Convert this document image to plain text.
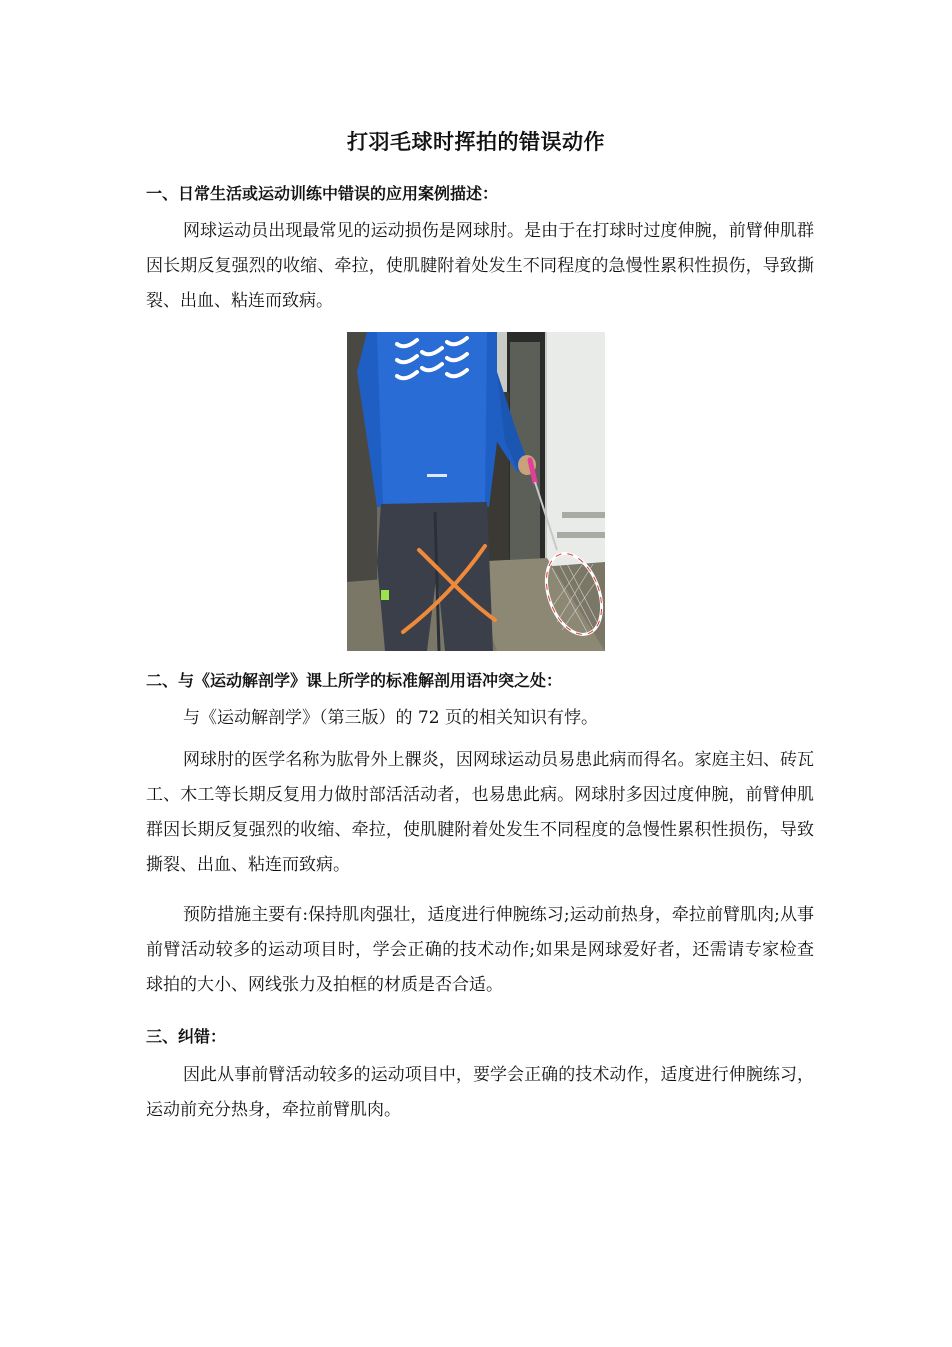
打羽毛球时挥拍的错误动作
一、日常生活或运动训练中错误的应用案例描述：

网球运动员出现最常见的运动损伤是网球肘。是由于在打球时过度伸腕，前臂伸肌群因长期反复强烈的收缩、牵拉，使肌腱附着处发生不同程度的急慢性累积性损伤，导致撕裂、出血、粘连而致病。

二、与《运动解剖学》课上所学的标准解剖用语冲突之处：

与《运动解剖学》（第三版）的 72 页的相关知识有悖。

网球肘的医学名称为肱骨外上髁炎，因网球运动员易患此病而得名。家庭主妇、砖瓦工、木工等长期反复用力做肘部活活动者，也易患此病。网球肘多因过度伸腕，前臂伸肌群因长期反复强烈的收缩、牵拉，使肌腱附着处发生不同程度的急慢性累积性损伤，导致撕裂、出血、粘连而致病。

预防措施主要有:保持肌肉强壮，适度进行伸腕练习;运动前热身，牵拉前臂肌肉;从事前臂活动较多的运动项目时，学会正确的技术动作;如果是网球爱好者，还需请专家检查球拍的大小、网线张力及拍框的材质是否合适。

三、纠错：

因此从事前臂活动较多的运动项目中，要学会正确的技术动作，适度进行伸腕练习，运动前充分热身，牵拉前臂肌肉。
